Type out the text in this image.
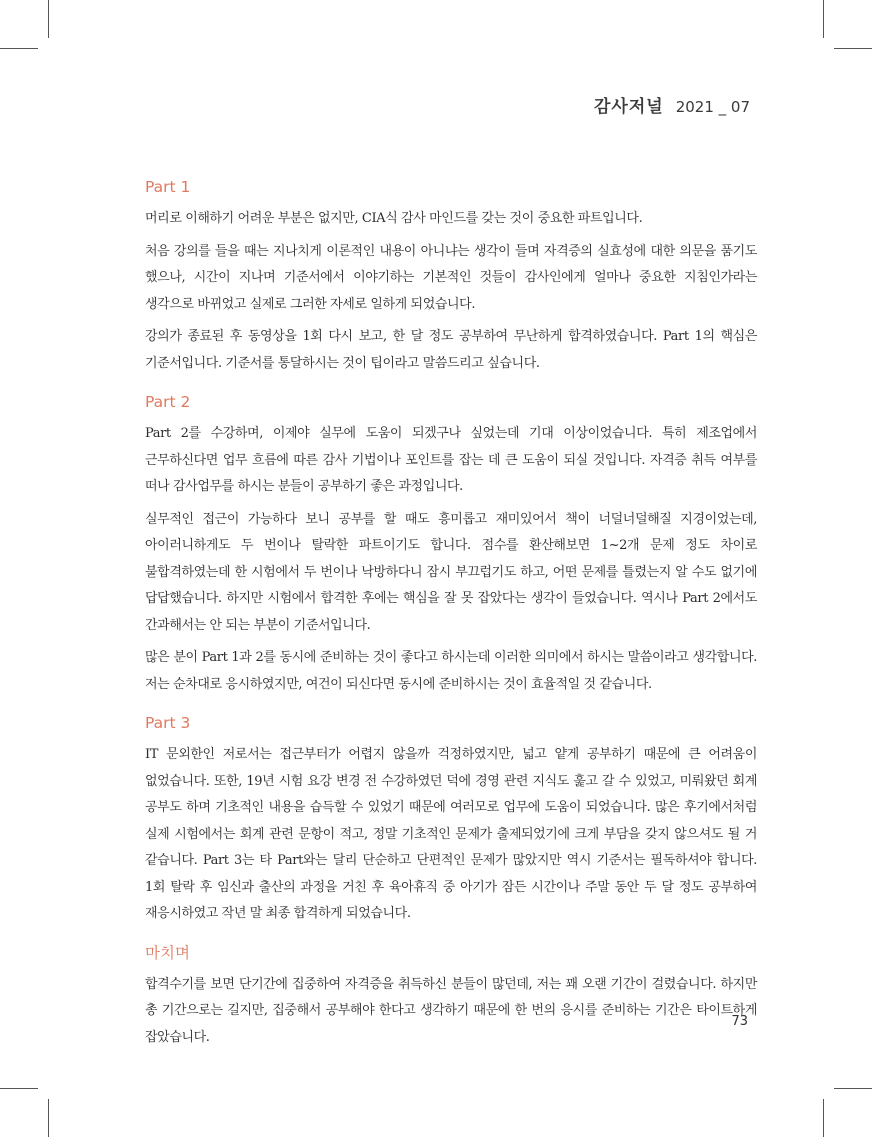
감사저널 2021 _ 07
Part 1

머리로 이해하기 어려운 부분은 없지만, CIA식 감사 마인드를 갖는 것이 중요한 파트입니다.

처음 강의를 들을 때는 지나치게 이론적인 내용이 아니냐는 생각이 들며 자격증의 실효성에 대한 의문을 품기도 했으나, 시간이 지나며 기준서에서 이야기하는 기본적인 것들이 감사인에게 얼마나 중요한 지침인가라는 생각으로 바뀌었고 실제로 그러한 자세로 일하게 되었습니다.

강의가 종료된 후 동영상을 1회 다시 보고, 한 달 정도 공부하여 무난하게 합격하였습니다. Part 1의 핵심은 기준서입니다. 기준서를 통달하시는 것이 팁이라고 말씀드리고 싶습니다.

Part 2

Part 2를 수강하며, 이제야 실무에 도움이 되겠구나 싶었는데 기대 이상이었습니다. 특히 제조업에서 근무하신다면 업무 흐름에 따른 감사 기법이나 포인트를 잡는 데 큰 도움이 되실 것입니다. 자격증 취득 여부를 떠나 감사업무를 하시는 분들이 공부하기 좋은 과정입니다.

실무적인 접근이 가능하다 보니 공부를 할 때도 흥미롭고 재미있어서 책이 너덜너덜해질 지경이었는데, 아이러니하게도 두 번이나 탈락한 파트이기도 합니다. 점수를 환산해보면 1~2개 문제 정도 차이로 불합격하였는데 한 시험에서 두 번이나 낙방하다니 잠시 부끄럽기도 하고, 어떤 문제를 틀렸는지 알 수도 없기에 답답했습니다. 하지만 시험에서 합격한 후에는 핵심을 잘 못 잡았다는 생각이 들었습니다. 역시나 Part 2에서도 간과해서는 안 되는 부분이 기준서입니다.

많은 분이 Part 1과 2를 동시에 준비하는 것이 좋다고 하시는데 이러한 의미에서 하시는 말씀이라고 생각합니다. 저는 순차대로 응시하였지만, 여건이 되신다면 동시에 준비하시는 것이 효율적일 것 같습니다.

Part 3

IT 문외한인 저로서는 접근부터가 어렵지 않을까 걱정하였지만, 넓고 얕게 공부하기 때문에 큰 어려움이 없었습니다. 또한, 19년 시험 요강 변경 전 수강하였던 덕에 경영 관련 지식도 훑고 갈 수 있었고, 미뤄왔던 회계 공부도 하며 기초적인 내용을 습득할 수 있었기 때문에 여러모로 업무에 도움이 되었습니다. 많은 후기에서처럼 실제 시험에서는 회계 관련 문항이 적고, 정말 기초적인 문제가 출제되었기에 크게 부담을 갖지 않으셔도 될 거 같습니다. Part 3는 타 Part와는 달리 단순하고 단편적인 문제가 많았지만 역시 기준서는 필독하셔야 합니다. 1회 탈락 후 임신과 출산의 과정을 거친 후 육아휴직 중 아기가 잠든 시간이나 주말 동안 두 달 정도 공부하여 재응시하였고 작년 말 최종 합격하게 되었습니다.

마치며

합격수기를 보면 단기간에 집중하여 자격증을 취득하신 분들이 많던데, 저는 꽤 오랜 기간이 걸렸습니다. 하지만 총 기간으로는 길지만, 집중해서 공부해야 한다고 생각하기 때문에 한 번의 응시를 준비하는 기간은 타이트하게 잡았습니다.

73
